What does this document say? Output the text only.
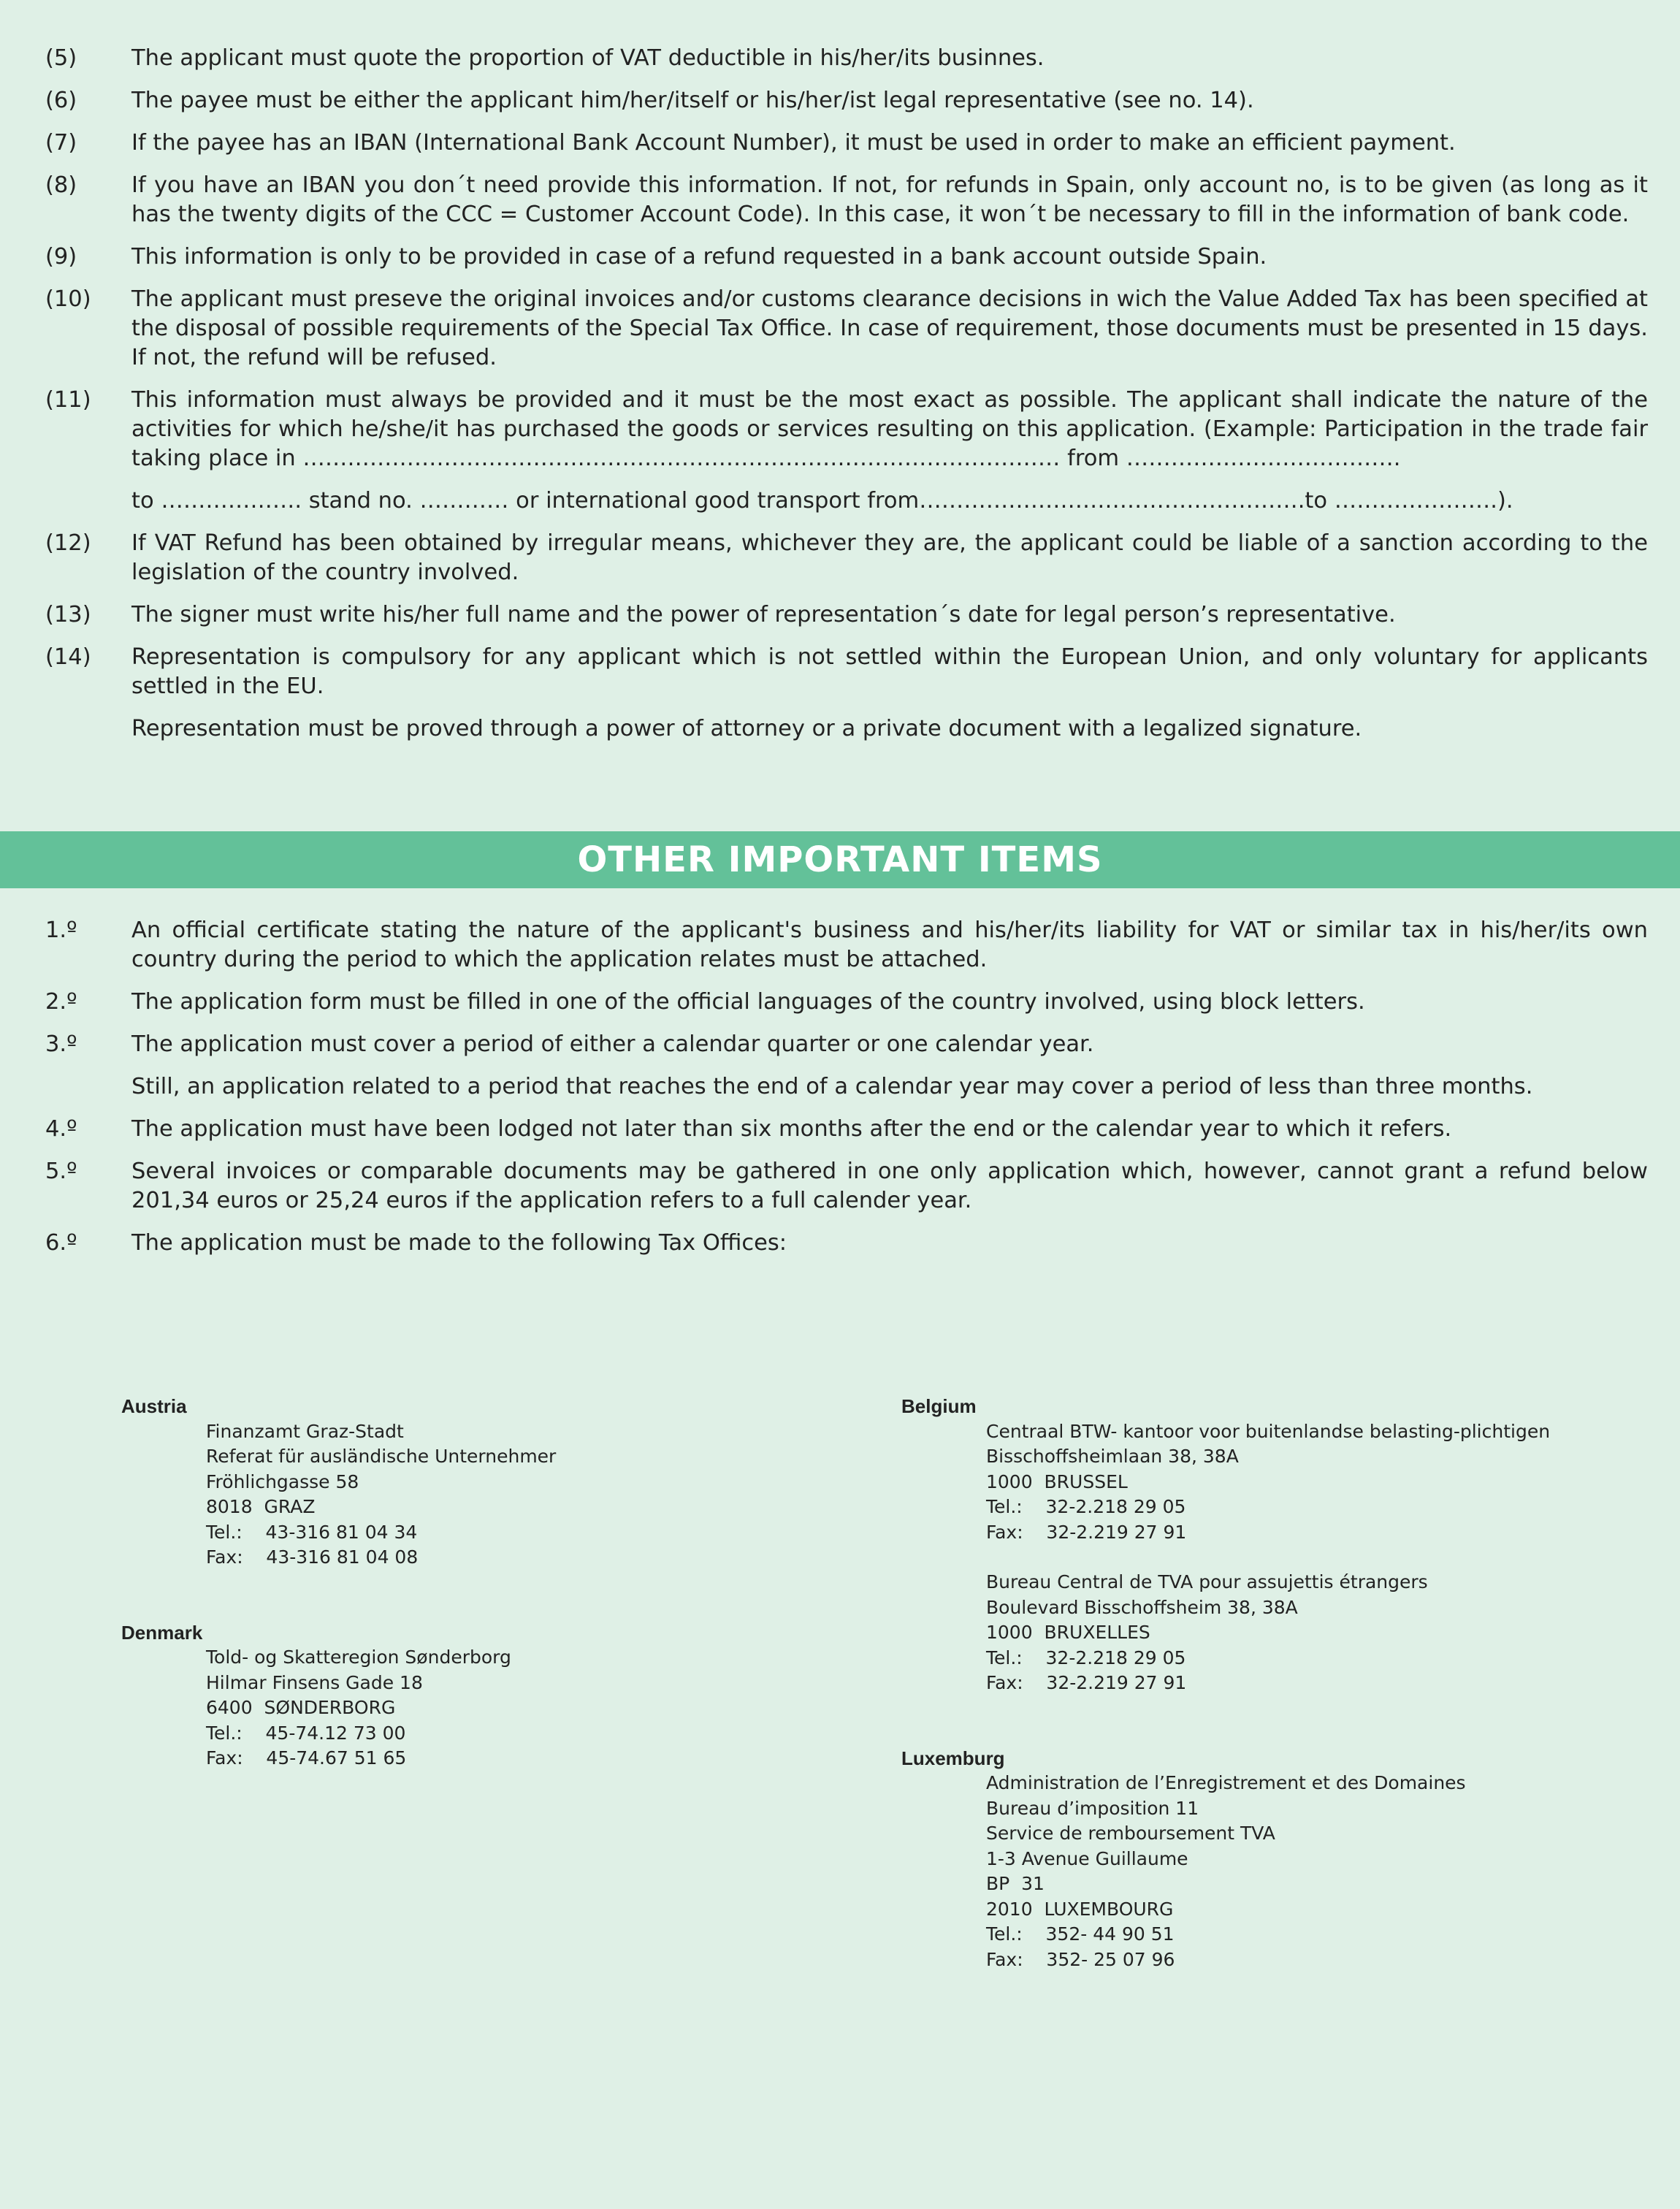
(5)	The applicant must quote the proportion of VAT deductible in his/her/its businnes.
(6)	The payee must be either the applicant him/her/itself or his/her/ist legal representative (see no. 14).
(7)	If the payee has an IBAN (International Bank Account Number), it must be used in order to make an efficient payment.
(8)	If you have an IBAN you don´t need provide this information. If not, for refunds in Spain, only account no, is to be given (as long as it has the twenty digits of the CCC = Customer Account Code). In this case, it won´t be necessary to fill in the information of bank code.
(9)	This information is only to be provided in case of a refund requested in a bank account outside Spain.
(10)	The applicant must preseve the original invoices and/or customs clearance decisions in wich the Value Added Tax has been specified at the disposal of possible requirements of the Special Tax Office. In case of requirement, those documents must be presented in 15 days. If not, the refund will be refused.
(11)	This information must always be provided and it must be the most exact as possible. The applicant shall indicate the nature of the activities for which he/she/it has purchased the goods or services resulting on this application. (Example: Participation in the trade fair taking place in ………………………………………………………………………………………… from ……………………………….
to ………………. stand no. ………… or international good transport from…………………………………………….to ………………….).
(12)	If VAT Refund has been obtained by irregular means, whichever they are, the applicant could be liable of a sanction according to the legislation of the country involved.
(13)	The signer must write his/her full name and the power of representation´s date for legal person’s representative.
(14)	Representation is compulsory for any applicant which is not settled within the European Union, and only voluntary for applicants settled in the EU.
Representation must be proved through a power of attorney or a private document with a legalized signature.
OTHER IMPORTANT ITEMS
1.º	An official certificate stating the nature of the applicant's business and his/her/its liability for VAT or similar tax in his/her/its own country during the period to which the application relates must be attached.
2.º	The application form must be filled in one of the official languages of the country involved, using block letters.
3.º	The application must cover a period of either a calendar quarter or one calendar year.
Still, an application related to a period that reaches the end of a calendar year may cover a period of less than three months.
4.º	The application must have been lodged not later than six months after the end or the calendar year to which it refers.
5.º	Several invoices or comparable documents may be gathered in one only application which, however, cannot grant a refund below 201,34 euros or 25,24 euros if the application refers to a full calender year.
6.º	The application must be made to the following Tax Offices:
Austria
Finanzamt Graz-Stadt
Referat für ausländische Unternehmer
Fröhlichgasse 58
8018  GRAZ
Tel.:    43-316 81 04 34
Fax:    43-316 81 04 08
Denmark
Told- og Skatteregion Sønderborg
Hilmar Finsens Gade 18
6400  SØNDERBORG
Tel.:    45-74.12 73 00
Fax:    45-74.67 51 65
Belgium
Centraal BTW- kantoor voor buitenlandse belasting-plichtigen
Bisschoffsheimlaan 38, 38A
1000  BRUSSEL
Tel.:    32-2.218 29 05
Fax:    32-2.219 27 91
Bureau Central de TVA pour assujettis étrangers
Boulevard Bisschoffsheim 38, 38A
1000  BRUXELLES
Tel.:    32-2.218 29 05
Fax:    32-2.219 27 91
Luxemburg
Administration de l’Enregistrement et des Domaines
Bureau d’imposition 11
Service de remboursement TVA
1-3 Avenue Guillaume
BP  31
2010  LUXEMBOURG
Tel.:    352- 44 90 51
Fax:    352- 25 07 96
